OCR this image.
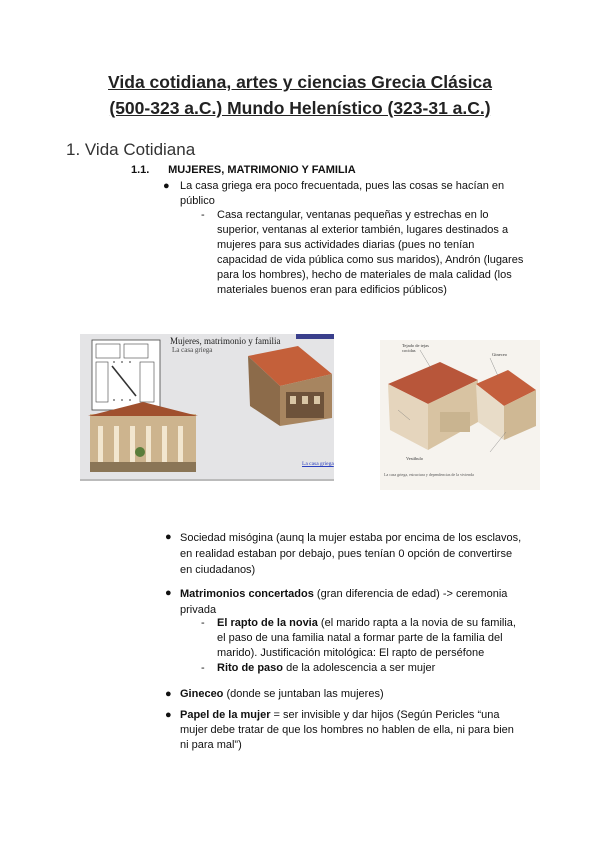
Vida cotidiana, artes y ciencias Grecia Clásica
(500-323 a.C.) Mundo Helenístico (323-31 a.C.)
1. Vida Cotidiana
1.1. MUJERES, MATRIMONIO Y FAMILIA
● La casa griega era poco frecuentada, pues las cosas se hacían en
público
- Casa rectangular, ventanas pequeñas y estrechas en lo
superior, ventanas al exterior también, lugares destinados a
mujeres para sus actividades diarias (pues no tenían
capacidad de vida pública como sus maridos), Andrón (lugares
para los hombres), hecho de materiales de mala calidad (los
materiales buenos eran para edificios públicos)
Mujeres, matrimonio y familia
La casa griega
La casa griega
Tejado de tejas cocidas
Gineceo
Vestíbulo
La casa griega, estructura y dependencias de la vivienda
● Sociedad misógina (aunq la mujer estaba por encima de los esclavos,
en realidad estaban por debajo, pues tenían 0 opción de convertirse
en ciudadanos)
● Matrimonios concertados (gran diferencia de edad) -> ceremonia
privada
- El rapto de la novia (el marido rapta a la novia de su familia,
el paso de una familia natal a formar parte de la familia del
marido). Justificación mitológica: El rapto de perséfone
- Rito de paso de la adolescencia a ser mujer
● Gineceo (donde se juntaban las mujeres)
● Papel de la mujer = ser invisible y dar hijos (Según Pericles “una
mujer debe tratar de que los hombres no hablen de ella, ni para bien
ni para mal”)
